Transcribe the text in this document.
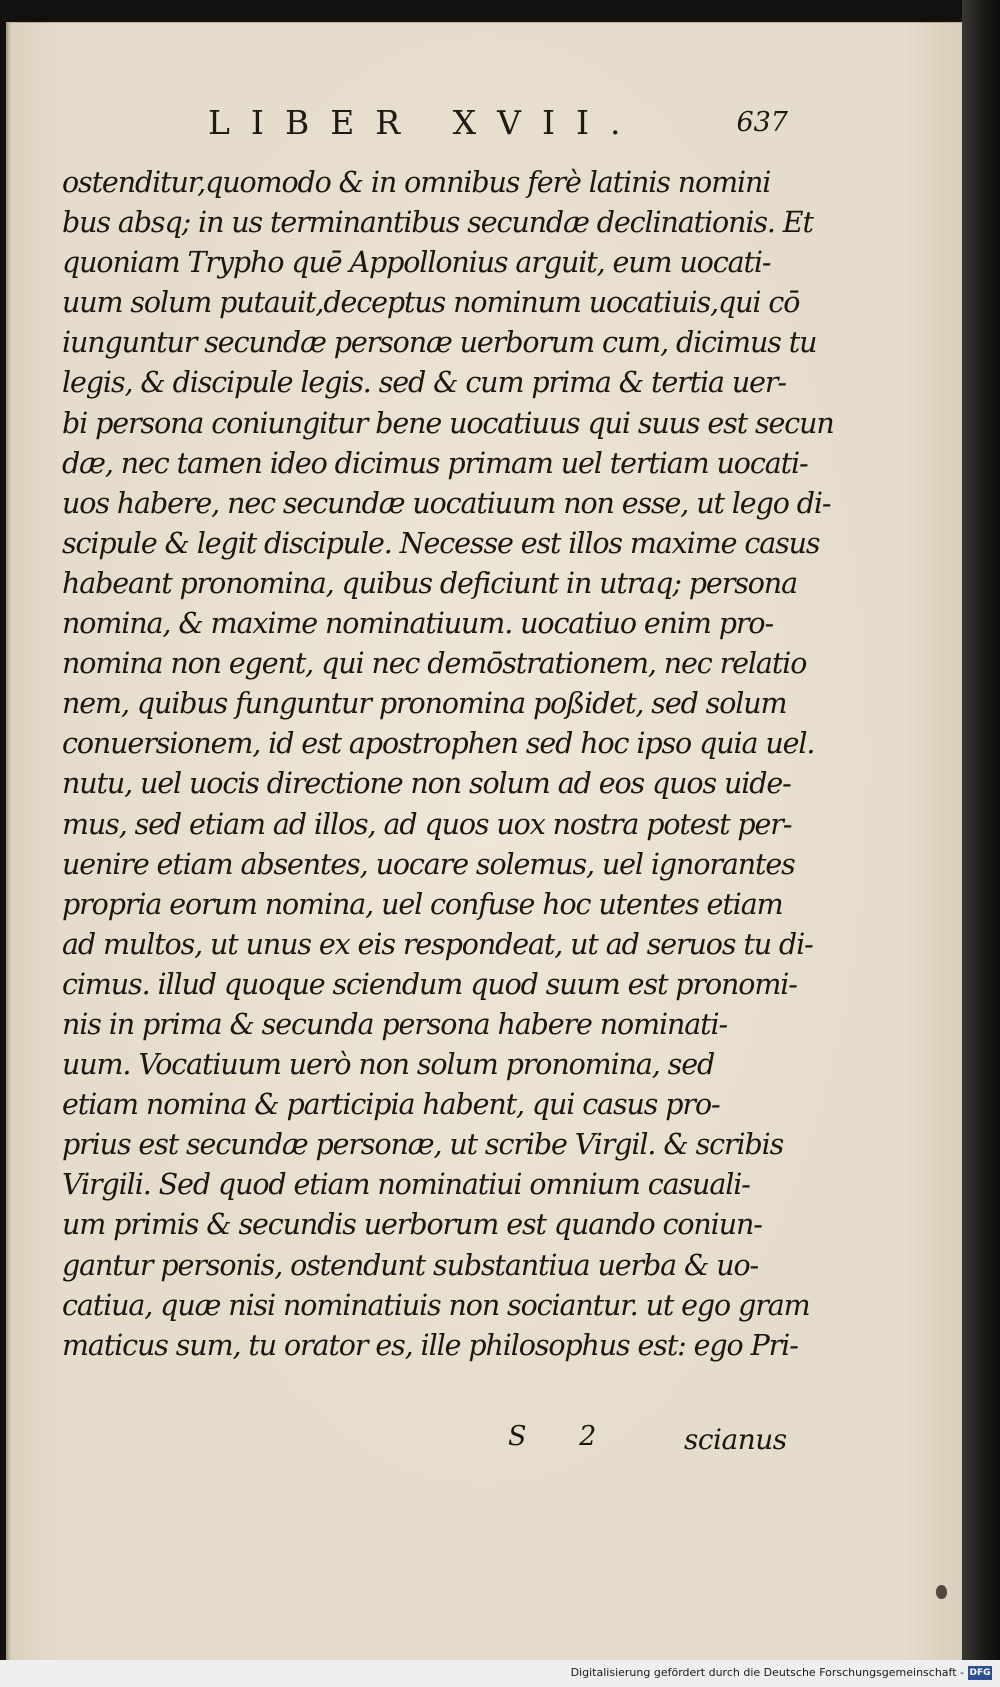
LIBER XVII.	637
ostenditur,quomodo & in omnibus ferè latinis nomini
bus absq; in us terminantibus secundæ declinationis. Et
quoniam Trypho quē Appollonius arguit, eum uocati-
uum solum putauit,deceptus nominum uocatiuis,qui cō
iunguntur secundæ personæ uerborum cum, dicimus tu
legis, & discipule legis. sed & cum prima & tertia uer-
bi persona coniungitur bene uocatiuus qui suus est secun
dæ, nec tamen ideo dicimus primam uel tertiam uocati-
uos habere, nec secundæ uocatiuum non esse, ut lego di-
scipule & legit discipule. Necesse est illos maxime casus
habeant pronomina, quibus deficiunt in utraq; persona
nomina, & maxime nominatiuum. uocatiuo enim pro-
nomina non egent, qui nec demōstrationem, nec relatio
nem, quibus funguntur pronomina poßidet, sed solum
conuersionem, id est apostrophen sed hoc ipso quia uel.
nutu, uel uocis directione non solum ad eos quos uide-
mus, sed etiam ad illos, ad quos uox nostra potest per-
uenire etiam absentes, uocare solemus, uel ignorantes
propria eorum nomina, uel confuse hoc utentes etiam
ad multos, ut unus ex eis respondeat, ut ad seruos tu di-
cimus. illud quoque sciendum quod suum est pronomi-
nis in prima & secunda persona habere nominati-
uum. Vocatiuum uerò non solum pronomina, sed
etiam nomina & participia habent, qui casus pro-
prius est secundæ personæ, ut scribe Virgil. & scribis
Virgili. Sed quod etiam nominatiui omnium casuali-
um primis & secundis uerborum est quando coniun-
gantur personis, ostendunt substantiua uerba & uo-
catiua, quæ nisi nominatiuis non sociantur. ut ego gram
maticus sum, tu orator es, ille philosophus est: ego Pri-
S 2 scianus
Digitalisierung gefördert durch die Deutsche Forschungsgemeinschaft - DFG
